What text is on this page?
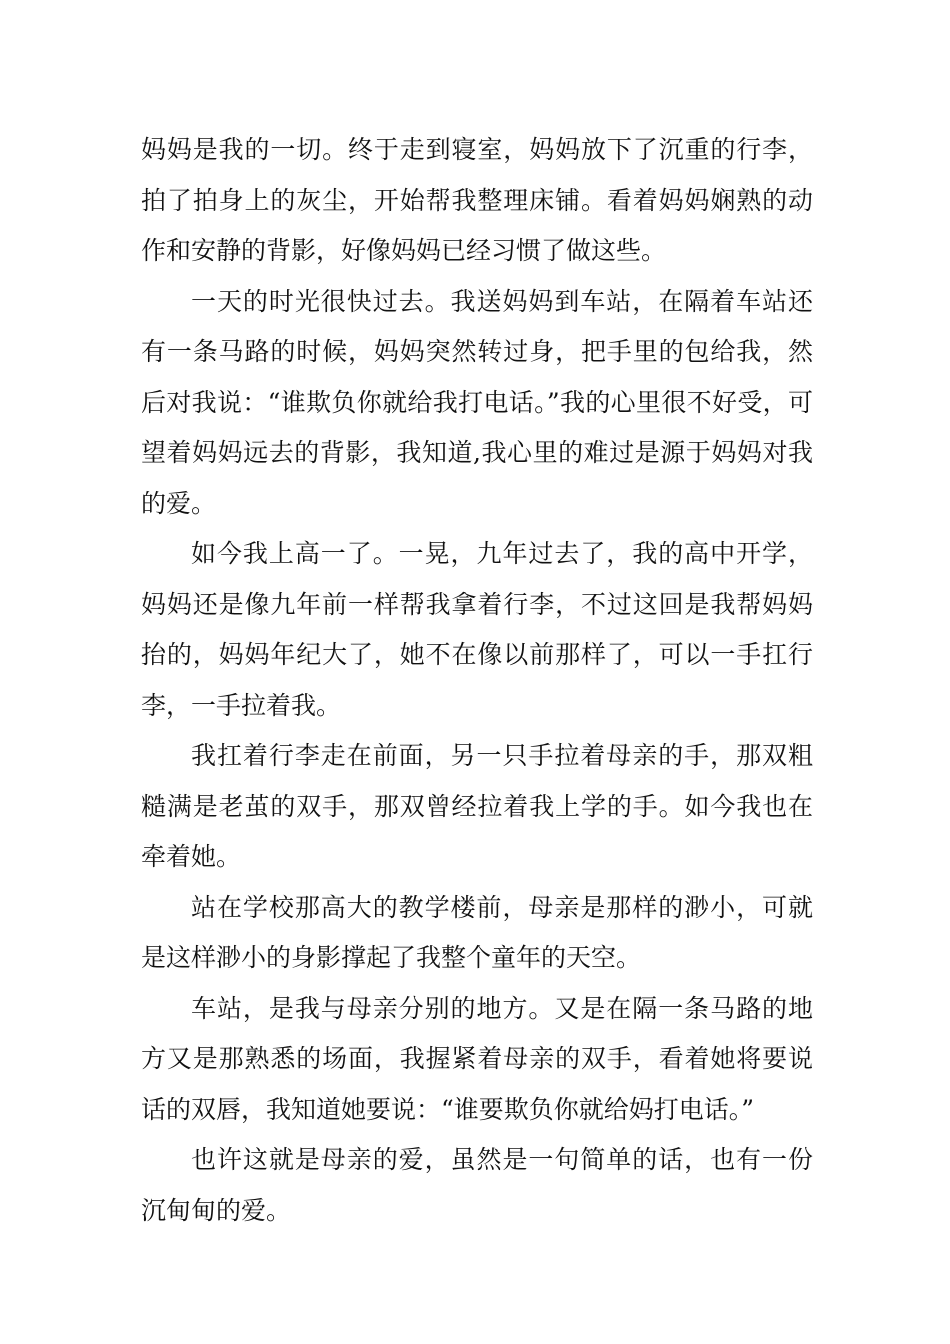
妈妈是我的一切。终于走到寝室，妈妈放下了沉重的行李，拍了拍身上的灰尘，开始帮我整理床铺。看着妈妈娴熟的动作和安静的背影，好像妈妈已经习惯了做这些。

一天的时光很快过去。我送妈妈到车站，在隔着车站还有一条马路的时候，妈妈突然转过身，把手里的包给我，然后对我说：“谁欺负你就给我打电话。”我的心里很不好受，可望着妈妈远去的背影，我知道,我心里的难过是源于妈妈对我的爱。

如今我上高一了。一晃，九年过去了，我的高中开学，妈妈还是像九年前一样帮我拿着行李，不过这回是我帮妈妈抬的，妈妈年纪大了，她不在像以前那样了，可以一手扛行李，一手拉着我。

我扛着行李走在前面，另一只手拉着母亲的手，那双粗糙满是老茧的双手，那双曾经拉着我上学的手。如今我也在牵着她。

站在学校那高大的教学楼前，母亲是那样的渺小，可就是这样渺小的身影撑起了我整个童年的天空。

车站，是我与母亲分别的地方。又是在隔一条马路的地方又是那熟悉的场面，我握紧着母亲的双手，看着她将要说话的双唇，我知道她要说：“谁要欺负你就给妈打电话。”

也许这就是母亲的爱，虽然是一句简单的话，也有一份沉甸甸的爱。
